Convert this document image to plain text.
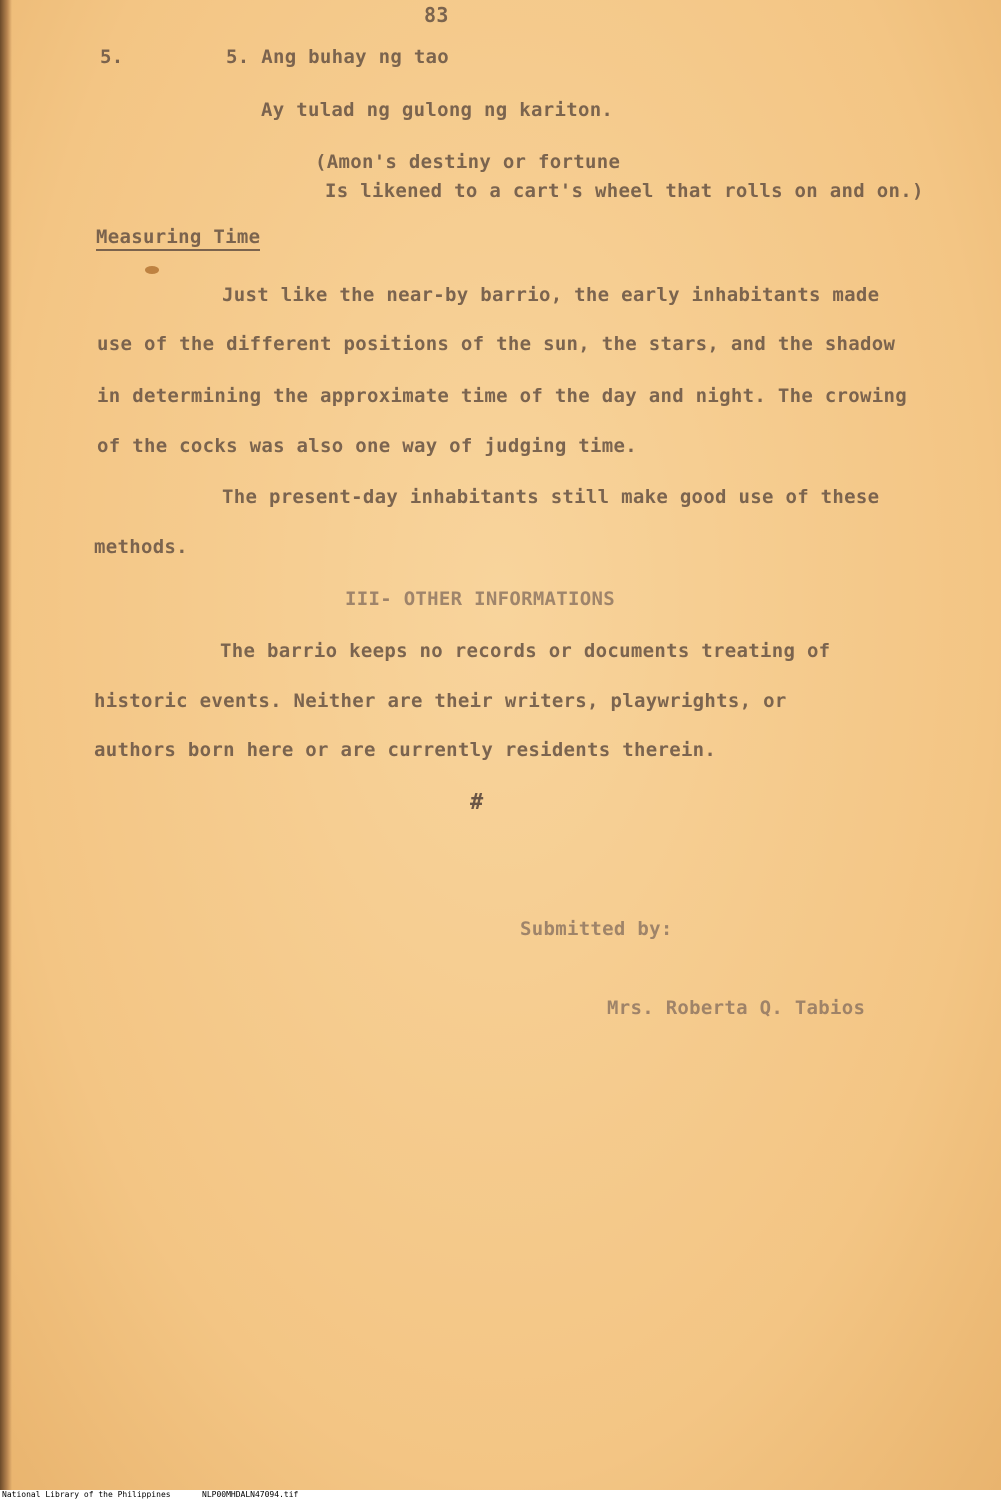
83
5.	5. Ang buhay ng tao
Ay tulad ng gulong ng kariton.
(Amon's destiny or fortune
Is likened to a cart's wheel that rolls on and on.)
Measuring Time
Just like the near-by barrio, the early inhabitants made
use of the different positions of the sun, the stars, and the shadow
in determining the approximate time of the day and night. The crowing
of the cocks was also one way of judging time.
The present-day inhabitants still make good use of these
methods.
III- OTHER INFORMATIONS
The barrio keeps no records or documents treating of
historic events. Neither are their writers, playwrights, or
authors born here or are currently residents therein.
#
Submitted by:
Mrs. Roberta Q. Tabios
National Library of the Philippines	NLP00MHDALN47094.tif
